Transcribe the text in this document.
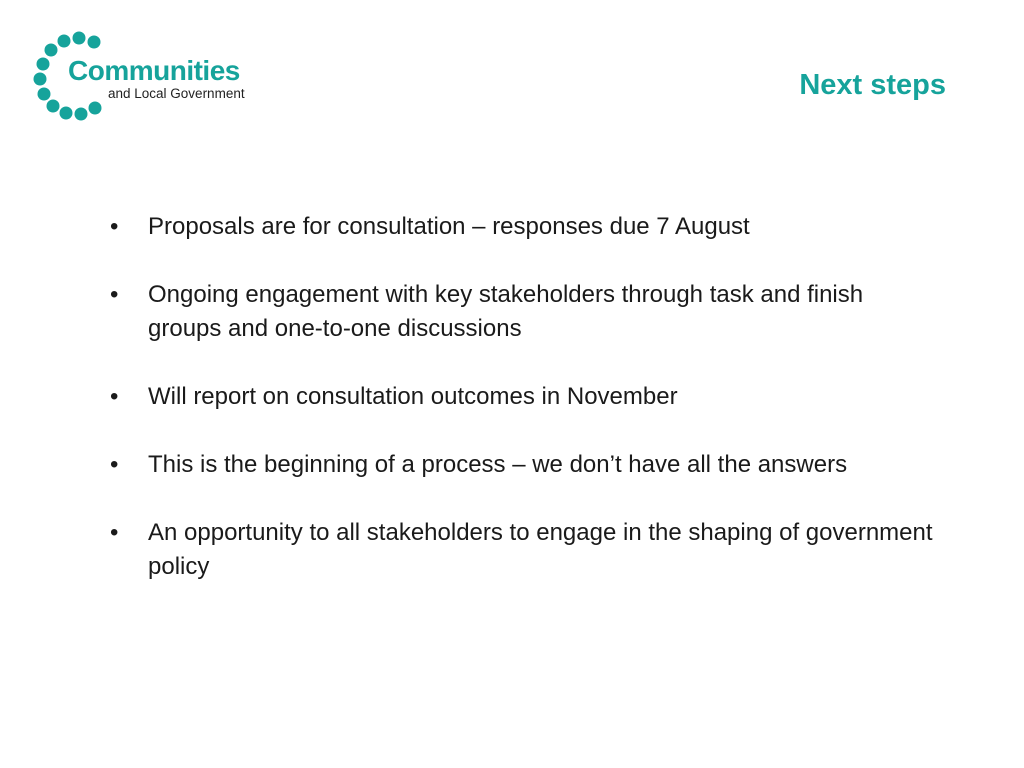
Communities
and Local Government	Next steps
• Proposals are for consultation – responses due 7 August
• Ongoing engagement with key stakeholders through task and finish groups and one-to-one discussions
• Will report on consultation outcomes in November
• This is the beginning of a process – we don’t have all the answers
• An opportunity to all stakeholders to engage in the shaping of government policy
